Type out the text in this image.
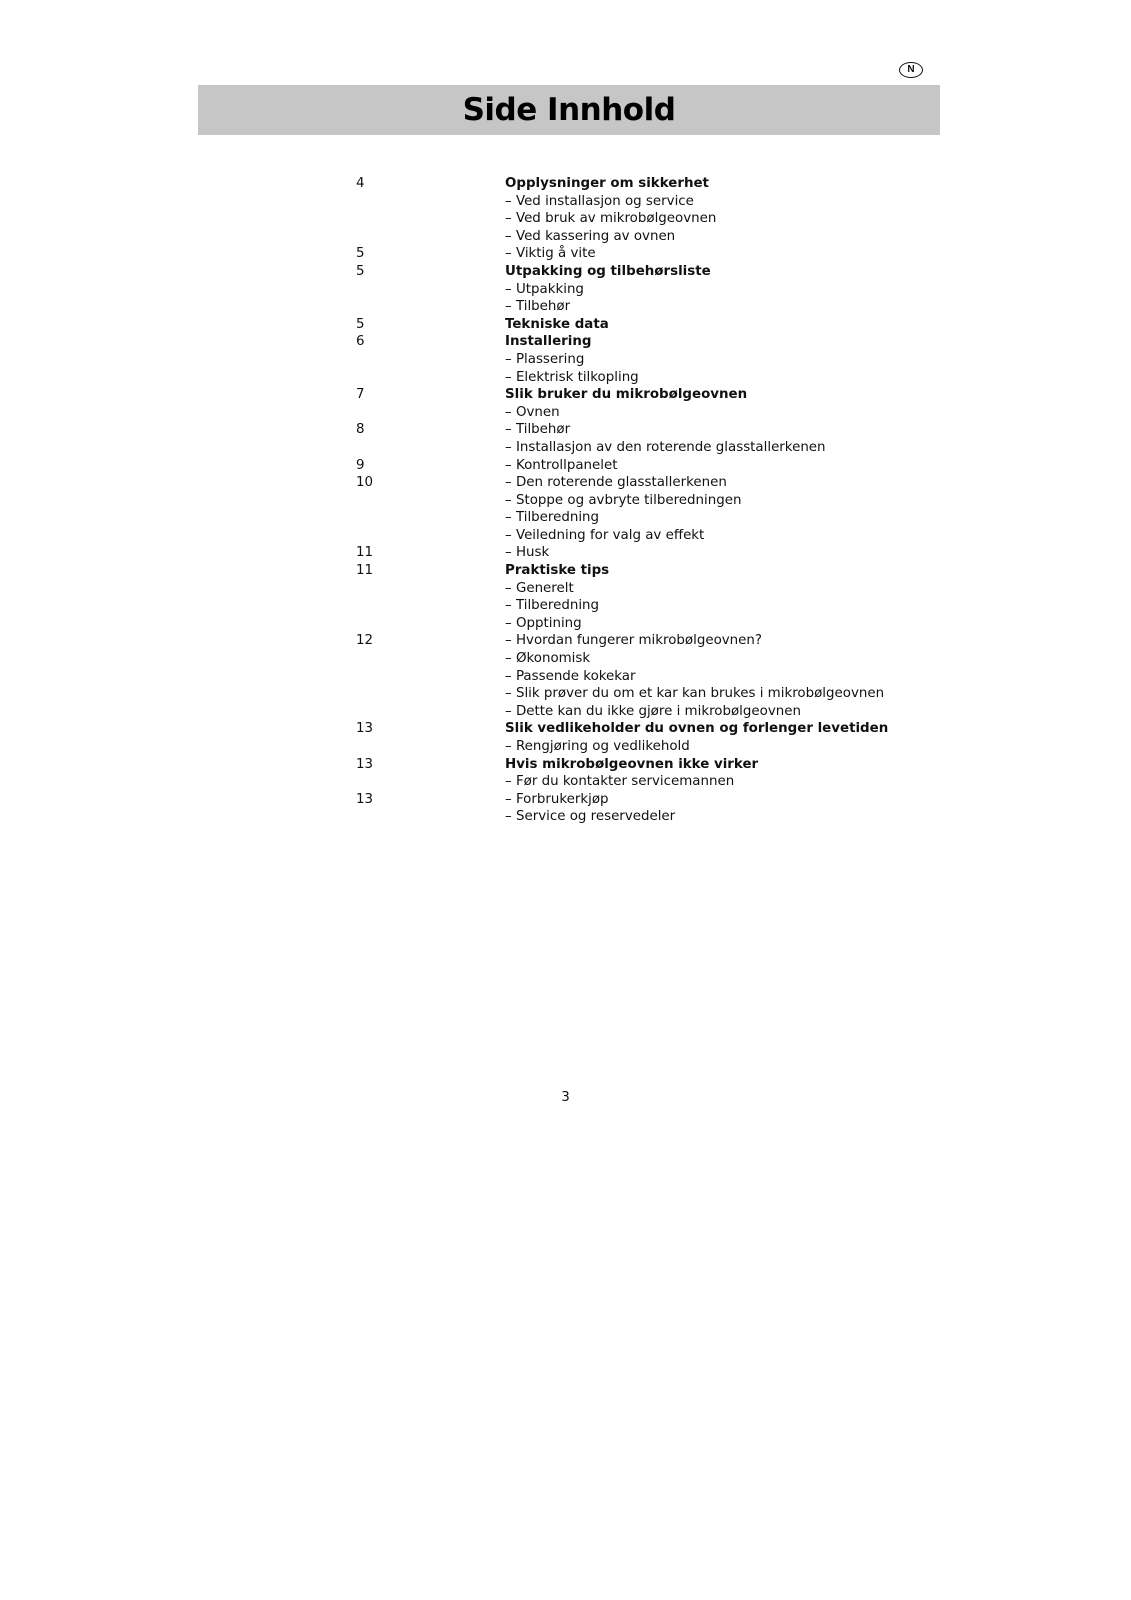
N
Side Innhold
4	Opplysninger om sikkerhet
– Ved installasjon og service
– Ved bruk av mikrobølgeovnen
– Ved kassering av ovnen
5	– Viktig å vite
5	Utpakking og tilbehørsliste
– Utpakking
– Tilbehør
5	Tekniske data
6	Installering
– Plassering
– Elektrisk tilkopling
7	Slik bruker du mikrobølgeovnen
– Ovnen
8	– Tilbehør
– Installasjon av den roterende glasstallerkenen
9	– Kontrollpanelet
10	– Den roterende glasstallerkenen
– Stoppe og avbryte tilberedningen
– Tilberedning
– Veiledning for valg av effekt
11	– Husk
11	Praktiske tips
– Generelt
– Tilberedning
– Opptining
12	– Hvordan fungerer mikrobølgeovnen?
– Økonomisk
– Passende kokekar
– Slik prøver du om et kar kan brukes i mikrobølgeovnen
– Dette kan du ikke gjøre i mikrobølgeovnen
13	Slik vedlikeholder du ovnen og forlenger levetiden
– Rengjøring og vedlikehold
13	Hvis mikrobølgeovnen ikke virker
– Før du kontakter servicemannen
13	– Forbrukerkjøp
– Service og reservedeler
3
